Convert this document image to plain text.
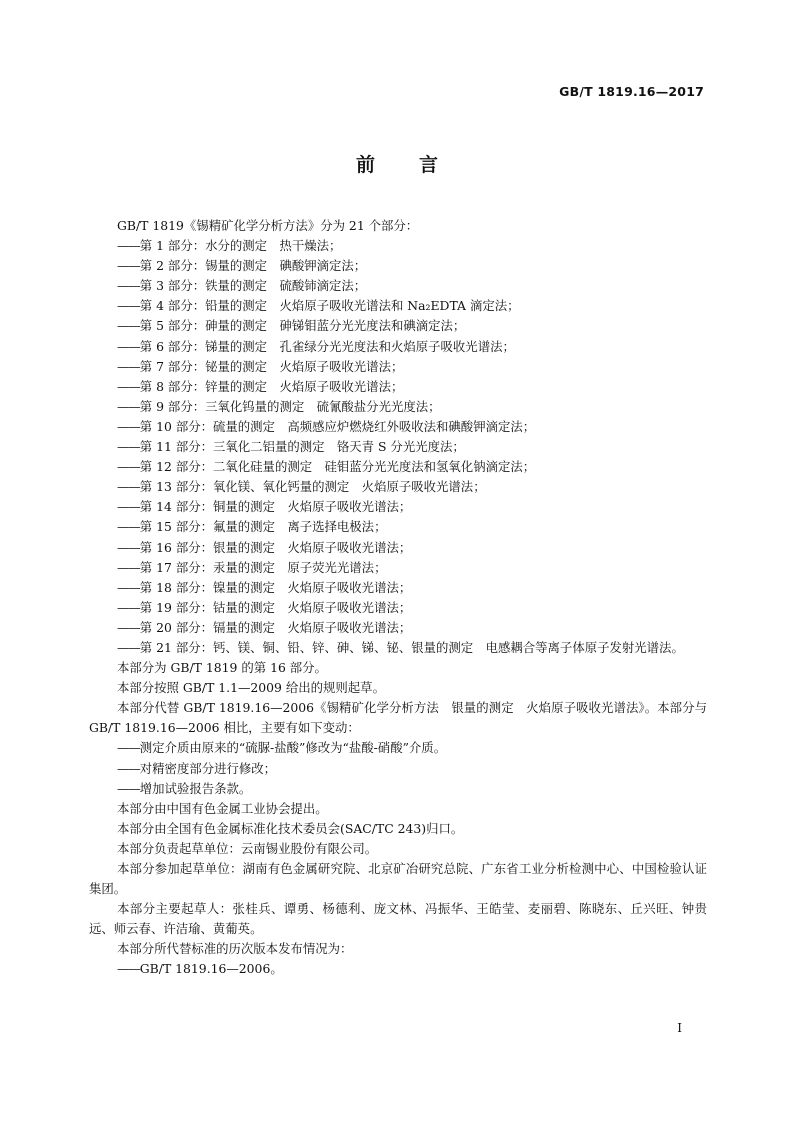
GB/T 1819.16—2017
前 言
GB/T 1819《锡精矿化学分析方法》分为 21 个部分：
——第 1 部分：水分的测定　热干燥法；
——第 2 部分：锡量的测定　碘酸钾滴定法；
——第 3 部分：铁量的测定　硫酸铈滴定法；
——第 4 部分：铅量的测定　火焰原子吸收光谱法和 Na₂EDTA 滴定法；
——第 5 部分：砷量的测定　砷锑钼蓝分光光度法和碘滴定法；
——第 6 部分：锑量的测定　孔雀绿分光光度法和火焰原子吸收光谱法；
——第 7 部分：铋量的测定　火焰原子吸收光谱法；
——第 8 部分：锌量的测定　火焰原子吸收光谱法；
——第 9 部分：三氧化钨量的测定　硫氰酸盐分光光度法；
——第 10 部分：硫量的测定　高频感应炉燃烧红外吸收法和碘酸钾滴定法；
——第 11 部分：三氧化二铝量的测定　铬天青 S 分光光度法；
——第 12 部分：二氧化硅量的测定　硅钼蓝分光光度法和氢氧化钠滴定法；
——第 13 部分：氧化镁、氧化钙量的测定　火焰原子吸收光谱法；
——第 14 部分：铜量的测定　火焰原子吸收光谱法；
——第 15 部分：氟量的测定　离子选择电极法；
——第 16 部分：银量的测定　火焰原子吸收光谱法；
——第 17 部分：汞量的测定　原子荧光光谱法；
——第 18 部分：镍量的测定　火焰原子吸收光谱法；
——第 19 部分：钴量的测定　火焰原子吸收光谱法；
——第 20 部分：镉量的测定　火焰原子吸收光谱法；
——第 21 部分：钙、镁、铜、铅、锌、砷、锑、铋、银量的测定　电感耦合等离子体原子发射光谱法。
本部分为 GB/T 1819 的第 16 部分。
本部分按照 GB/T 1.1—2009 给出的规则起草。
本部分代替 GB/T 1819.16—2006《锡精矿化学分析方法　银量的测定　火焰原子吸收光谱法》。本部分与 GB/T 1819.16—2006 相比，主要有如下变动：
——测定介质由原来的“硫脲-盐酸”修改为“盐酸-硝酸”介质。
——对精密度部分进行修改；
——增加试验报告条款。
本部分由中国有色金属工业协会提出。
本部分由全国有色金属标准化技术委员会(SAC/TC 243)归口。
本部分负责起草单位：云南锡业股份有限公司。
本部分参加起草单位：湖南有色金属研究院、北京矿冶研究总院、广东省工业分析检测中心、中国检验认证集团。
本部分主要起草人：张桂兵、谭勇、杨德利、庞文林、冯振华、王皓莹、麦丽碧、陈晓东、丘兴旺、钟贵远、师云春、许洁瑜、黄葡英。
本部分所代替标准的历次版本发布情况为：
——GB/T 1819.16—2006。
I
